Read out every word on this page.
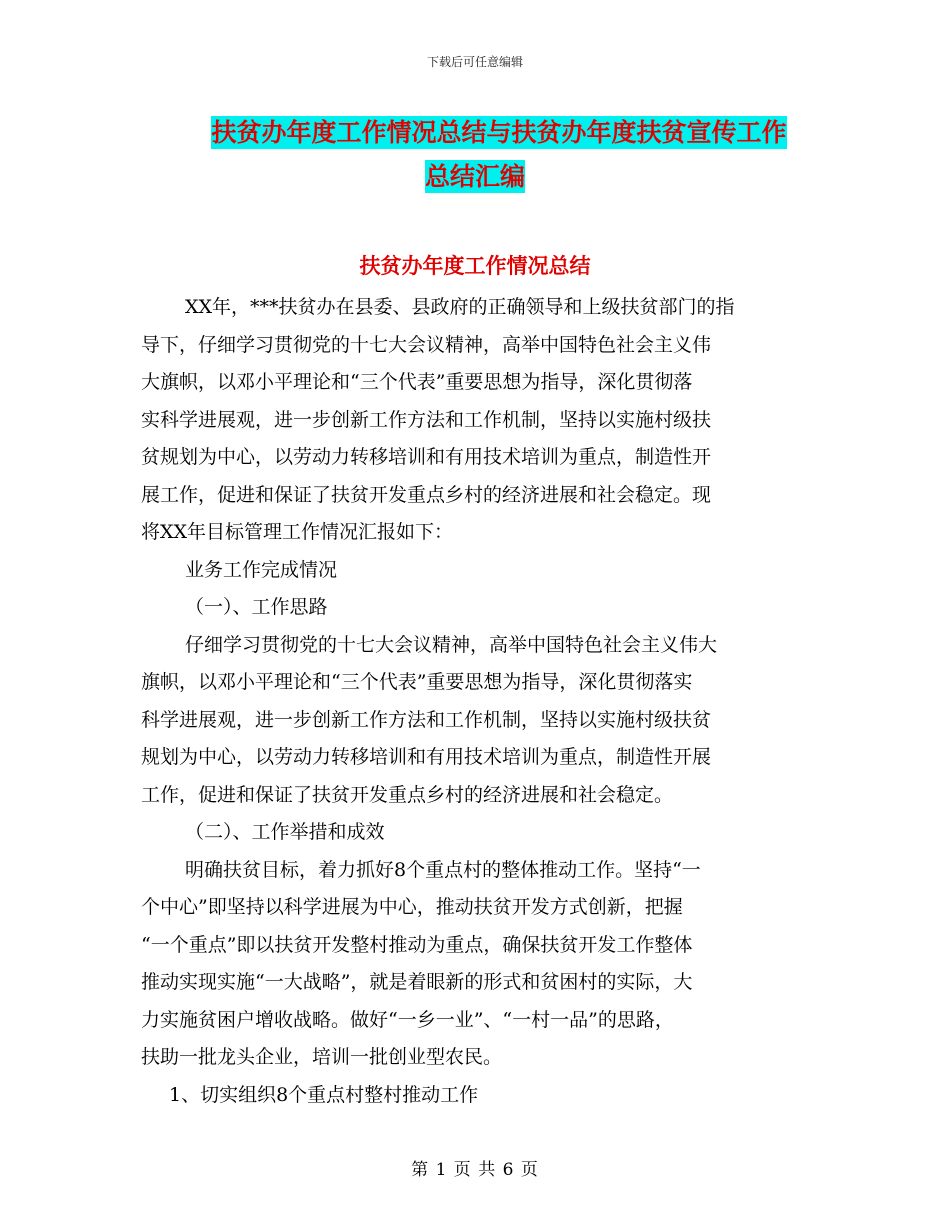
下载后可任意编辑
扶贫办年度工作情况总结与扶贫办年度扶贫宣传工作
总结汇编
扶贫办年度工作情况总结
XX年，***扶贫办在县委、县政府的正确领导和上级扶贫部门的指
导下，仔细学习贯彻党的十七大会议精神，高举中国特色社会主义伟
大旗帜，以邓小平理论和“三个代表”重要思想为指导，深化贯彻落
实科学进展观，进一步创新工作方法和工作机制，坚持以实施村级扶
贫规划为中心，以劳动力转移培训和有用技术培训为重点，制造性开
展工作，促进和保证了扶贫开发重点乡村的经济进展和社会稳定。现
将XX年目标管理工作情况汇报如下：
业务工作完成情况
（一）、工作思路
仔细学习贯彻党的十七大会议精神，高举中国特色社会主义伟大
旗帜，以邓小平理论和“三个代表”重要思想为指导，深化贯彻落实
科学进展观，进一步创新工作方法和工作机制，坚持以实施村级扶贫
规划为中心，以劳动力转移培训和有用技术培训为重点，制造性开展
工作，促进和保证了扶贫开发重点乡村的经济进展和社会稳定。
（二）、工作举措和成效
明确扶贫目标，着力抓好8个重点村的整体推动工作。坚持“一
个中心”即坚持以科学进展为中心，推动扶贫开发方式创新，把握
“一个重点”即以扶贫开发整村推动为重点，确保扶贫开发工作整体
推动实现实施“一大战略”，就是着眼新的形式和贫困村的实际，大
力实施贫困户增收战略。做好“一乡一业”、“一村一品”的思路，
扶助一批龙头企业，培训一批创业型农民。
1、切实组织8个重点村整村推动工作
第 1 页 共 6 页
